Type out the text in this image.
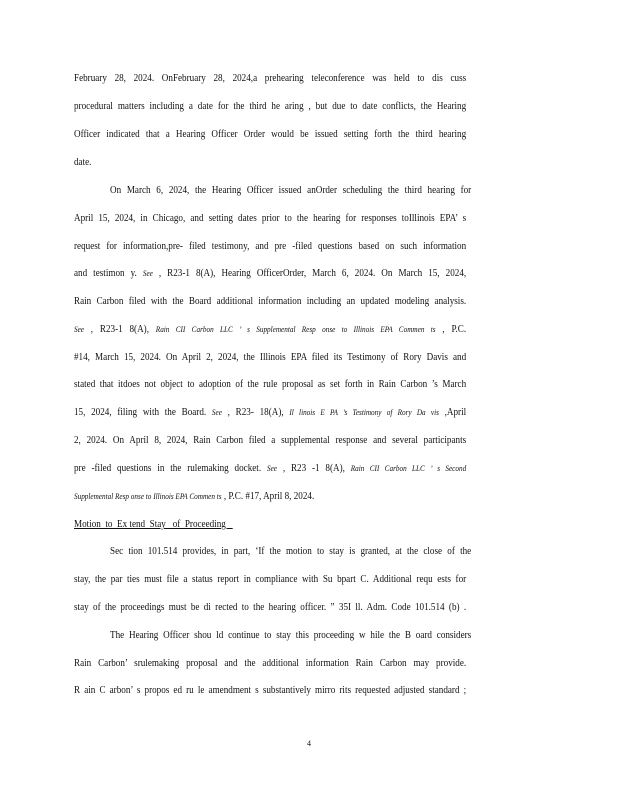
February 28, 2024. OnFebruary 28, 2024,a prehearing teleconference was held to dis cuss
procedural matters including a date for the third he aring , but due to date conflicts, the Hearing
Officer indicated that a Hearing Officer Order would be issued setting forth the third hearing
date.
On March 6, 2024, the Hearing Officer issued anOrder scheduling the third hearing for
April 15, 2024, in Chicago, and setting dates prior to the hearing for responses toIllinois EPA’ s
request for information,pre- filed testimony, and pre -filed questions based on such information
and testimon y. See , R23-1 8(A), Hearing OfficerOrder, March 6, 2024. On March 15, 2024,
Rain Carbon filed with the Board additional information including an updated modeling analysis.
See , R23-1 8(A), Rain CII Carbon LLC ’ s Supplemental Resp onse to Illinois EPA Commen ts , P.C.
#14, March 15, 2024. On April 2, 2024, the Illinois EPA filed its Testimony of Rory Davis and
stated that itdoes not object to adoption of the rule proposal as set forth in Rain Carbon ’s March
15, 2024, filing with the Board. See , R23- 18(A), Il linois E PA ’s Testimony of Rory Da vis ,April
2, 2024. On April 8, 2024, Rain Carbon filed a supplemental response and several participants
pre -filed questions in the rulemaking docket. See , R23 -1 8(A), Rain CII Carbon LLC ’ s Second
Supplemental Resp onse to Illinois EPA Commen ts , P.C. #17, April 8, 2024.
Motion  to  Ex tend  Stay   of  Proceeding
Sec tion 101.514 provides, in part, ‘If the motion to stay is granted, at the close of the
stay, the par ties must file a status report in compliance with Su bpart C. Additional requ ests for
stay of the proceedings must be di rected to the hearing officer. ” 35I ll. Adm. Code 101.514 (b) .
The Hearing Officer shou ld continue to stay this proceeding w hile the B oard considers
Rain Carbon’ srulemaking proposal and the additional information Rain Carbon may provide.
R ain C arbon’ s propos ed ru le amendment s substantively mirro rits requested adjusted standard ;
4
